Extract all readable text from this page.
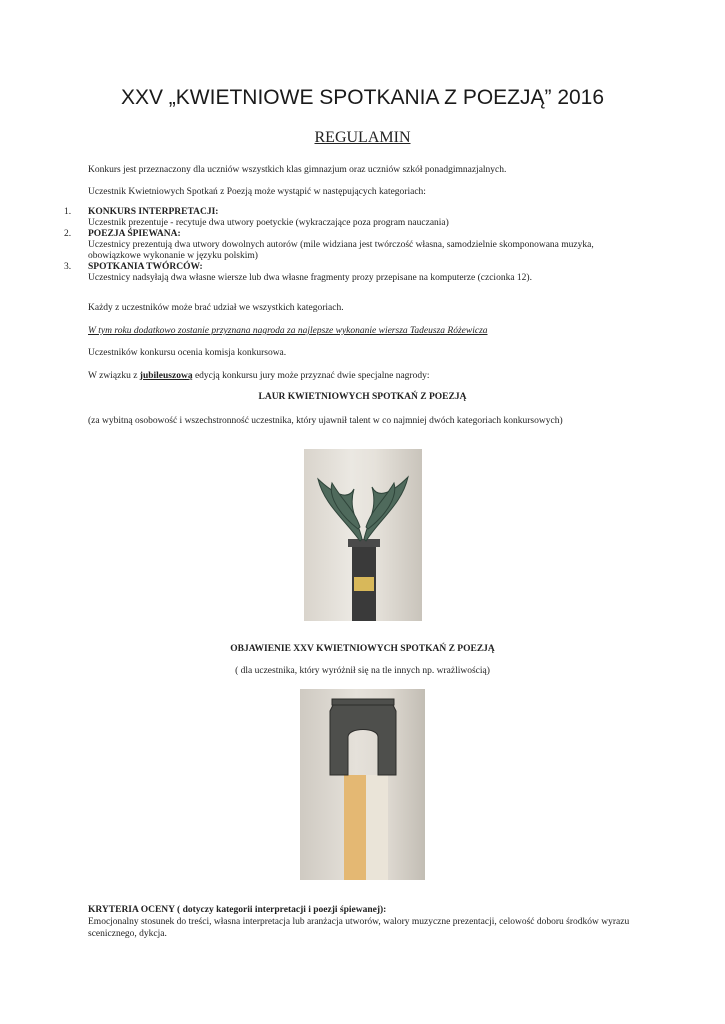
XXV „KWIETNIOWE SPOTKANIA Z POEZJĄ” 2016
REGULAMIN

Konkurs jest przeznaczony dla uczniów wszystkich klas gimnazjum oraz uczniów szkół ponadgimnazjalnych.

Uczestnik Kwietniowych Spotkań z Poezją może wystąpić w następujących kategoriach:

1.	KONKURS INTERPRETACJI:
Uczestnik prezentuje - recytuje dwa utwory poetyckie (wykraczające poza program nauczania)
2.	POEZJA ŚPIEWANA:
Uczestnicy prezentują dwa utwory dowolnych autorów (mile widziana jest twórczość własna, samodzielnie skomponowana muzyka, obowiązkowe wykonanie w języku polskim)
3.	SPOTKANIA TWÓRCÓW:
Uczestnicy nadsyłają dwa własne wiersze lub dwa własne fragmenty prozy przepisane na komputerze (czcionka 12).

Każdy z uczestników może brać udział we wszystkich kategoriach.

W tym roku dodatkowo zostanie przyznana nagroda za najlepsze wykonanie wiersza Tadeusza Różewicza

Uczestników konkursu ocenia komisja konkursowa.

W związku z jubileuszową edycją konkursu jury może przyznać dwie specjalne nagrody:

LAUR KWIETNIOWYCH SPOTKAŃ Z POEZJĄ

(za wybitną osobowość i wszechstronność uczestnika, który ujawnił talent w co najmniej dwóch kategoriach konkursowych)

OBJAWIENIE XXV KWIETNIOWYCH SPOTKAŃ Z POEZJĄ

( dla uczestnika, który wyróżnił się na tle innych np. wrażliwością)

KRYTERIA OCENY ( dotyczy kategorii interpretacji i poezji śpiewanej):
Emocjonalny stosunek do treści, własna interpretacja lub aranżacja utworów, walory muzyczne prezentacji, celowość doboru środków wyrazu scenicznego, dykcja.
